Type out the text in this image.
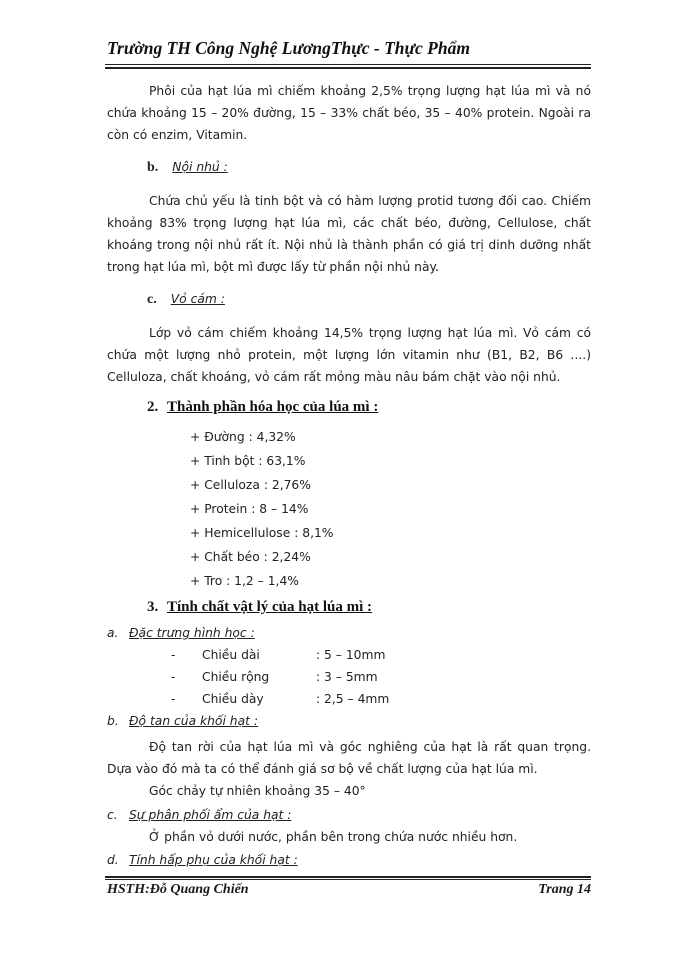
Trường TH Công Nghệ LươngThực - Thực Phẩm

Phôi của hạt lúa mì chiếm khoảng 2,5% trọng lượng hạt lúa mì và nó chứa khoảng 15 – 20% đường, 15 – 33% chất béo, 35 – 40% protein. Ngoài ra còn có enzim, Vitamin.

b. Nội nhủ :

Chứa chủ yếu là tinh bột và có hàm lượng protid tương đối cao. Chiếm khoảng 83% trọng lượng hạt lúa mì, các chất béo, đường, Cellulose, chất khoáng trong nội nhủ rất ít. Nội nhủ là thành phần có giá trị dinh dưỡng nhất trong hạt lúa mì, bột mì được lấy từ phần nội nhủ này.

c. Vỏ cám :

Lớp vỏ cám chiếm khoảng 14,5% trọng lượng hạt lúa mì. Vỏ cám có chứa một lượng nhỏ protein, một lượng lớn vitamin như (B1, B2, B6 ....) Celluloza, chất khoáng, vỏ cám rất mỏng màu nâu bám chặt vào nội nhủ.

2. Thành phần hóa học của lúa mì :
+ Đường : 4,32%
+ Tinh bột : 63,1%
+ Celluloza : 2,76%
+ Protein : 8 – 14%
+ Hemicellulose : 8,1%
+ Chất béo : 2,24%
+ Tro : 1,2 – 1,4%
3. Tính chất vật lý của hạt lúa mì :
a. Đặc trưng hình học :
- Chiều dài	: 5 – 10mm
- Chiều rộng	: 3 – 5mm
- Chiều dày	: 2,5 – 4mm
b. Độ tan của khối hạt :

Độ tan rời của hạt lúa mì và góc nghiêng của hạt là rất quan trọng. Dựa vào đó mà ta có thể đánh giá sơ bộ về chất lượng của hạt lúa mì.

Góc chảy tự nhiên khoảng 35 – 40°
c. Sự phân phối ẩm của hạt :
Ở phần vỏ dưới nước, phần bên trong chứa nước nhiều hơn.
d. Tính hấp phụ của khối hạt :
HSTH:Đỗ Quang Chiến	Trang 14
